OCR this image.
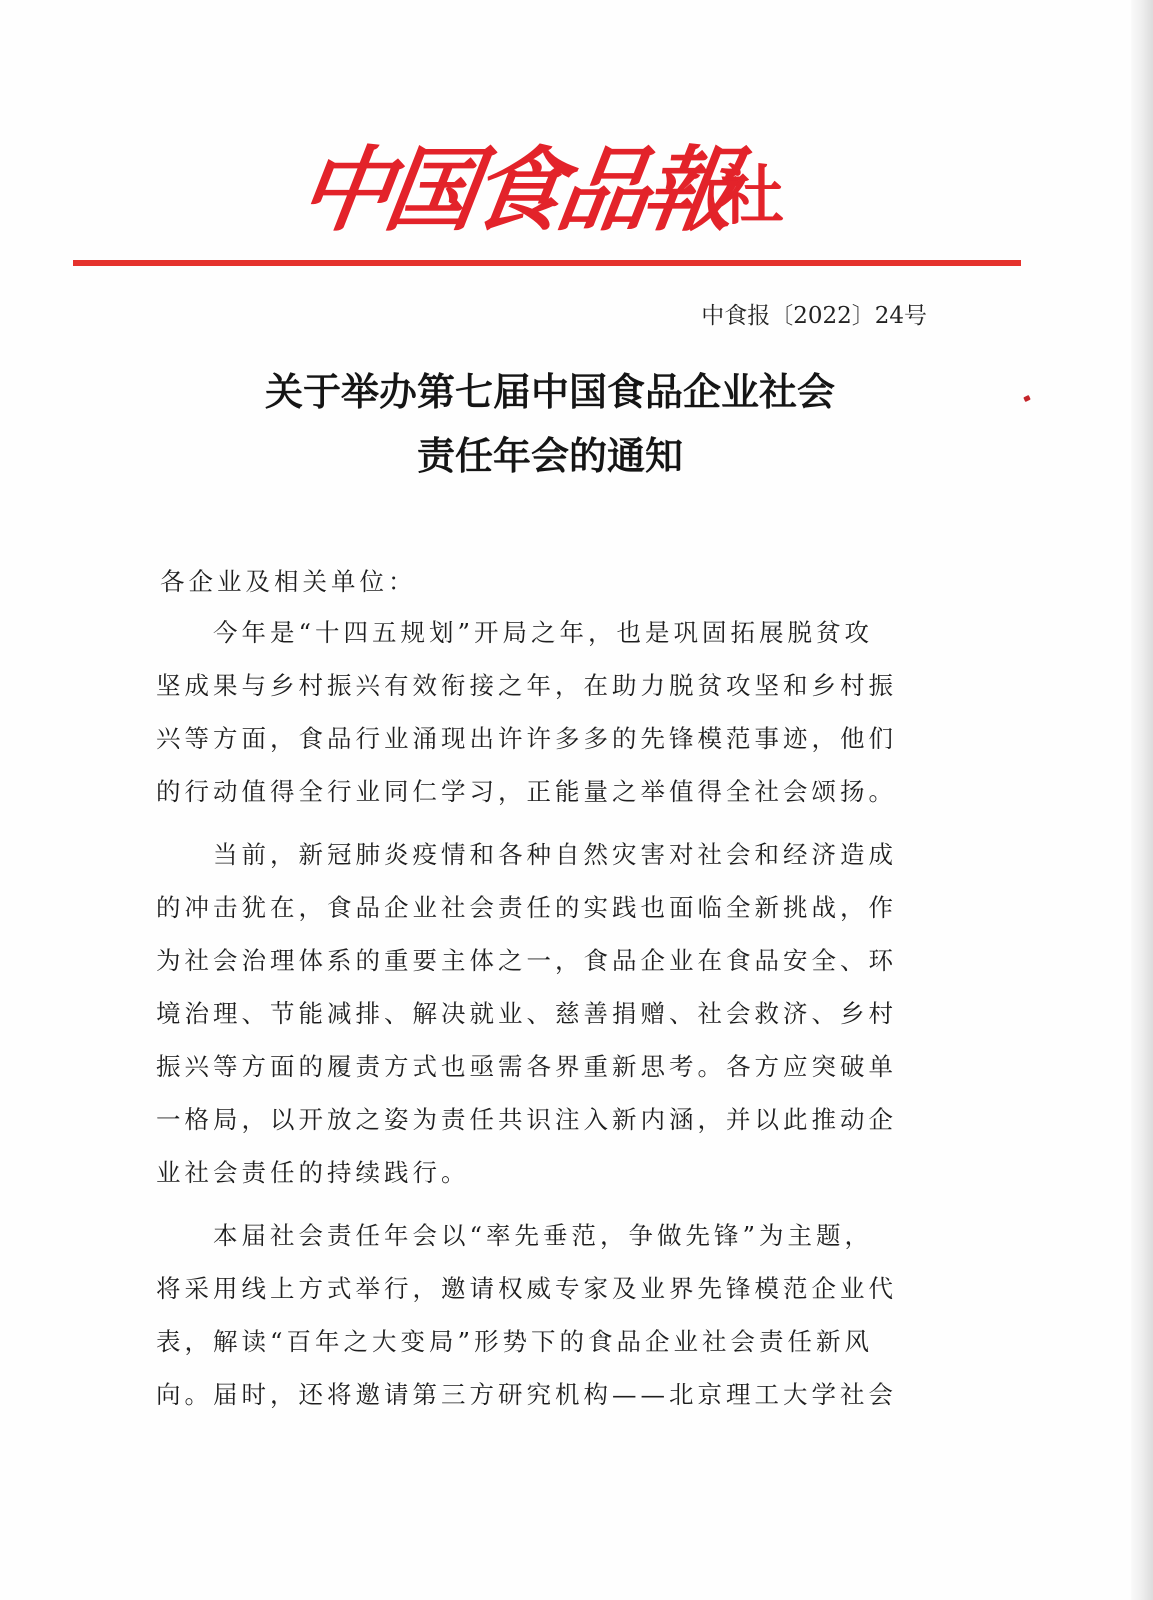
中国食品報
社
中食报〔2022〕24号
关于举办第七届中国食品企业社会
责任年会的通知
各企业及相关单位：
　　今年是“十四五规划”开局之年，也是巩固拓展脱贫攻
坚成果与乡村振兴有效衔接之年，在助力脱贫攻坚和乡村振
兴等方面，食品行业涌现出许许多多的先锋模范事迹，他们
的行动值得全行业同仁学习，正能量之举值得全社会颂扬。
　　当前，新冠肺炎疫情和各种自然灾害对社会和经济造成
的冲击犹在，食品企业社会责任的实践也面临全新挑战，作
为社会治理体系的重要主体之一，食品企业在食品安全、环
境治理、节能减排、解决就业、慈善捐赠、社会救济、乡村
振兴等方面的履责方式也亟需各界重新思考。各方应突破单
一格局，以开放之姿为责任共识注入新内涵，并以此推动企
业社会责任的持续践行。
　　本届社会责任年会以“率先垂范，争做先锋”为主题，
将采用线上方式举行，邀请权威专家及业界先锋模范企业代
表，解读“百年之大变局”形势下的食品企业社会责任新风
向。届时，还将邀请第三方研究机构——北京理工大学社会
